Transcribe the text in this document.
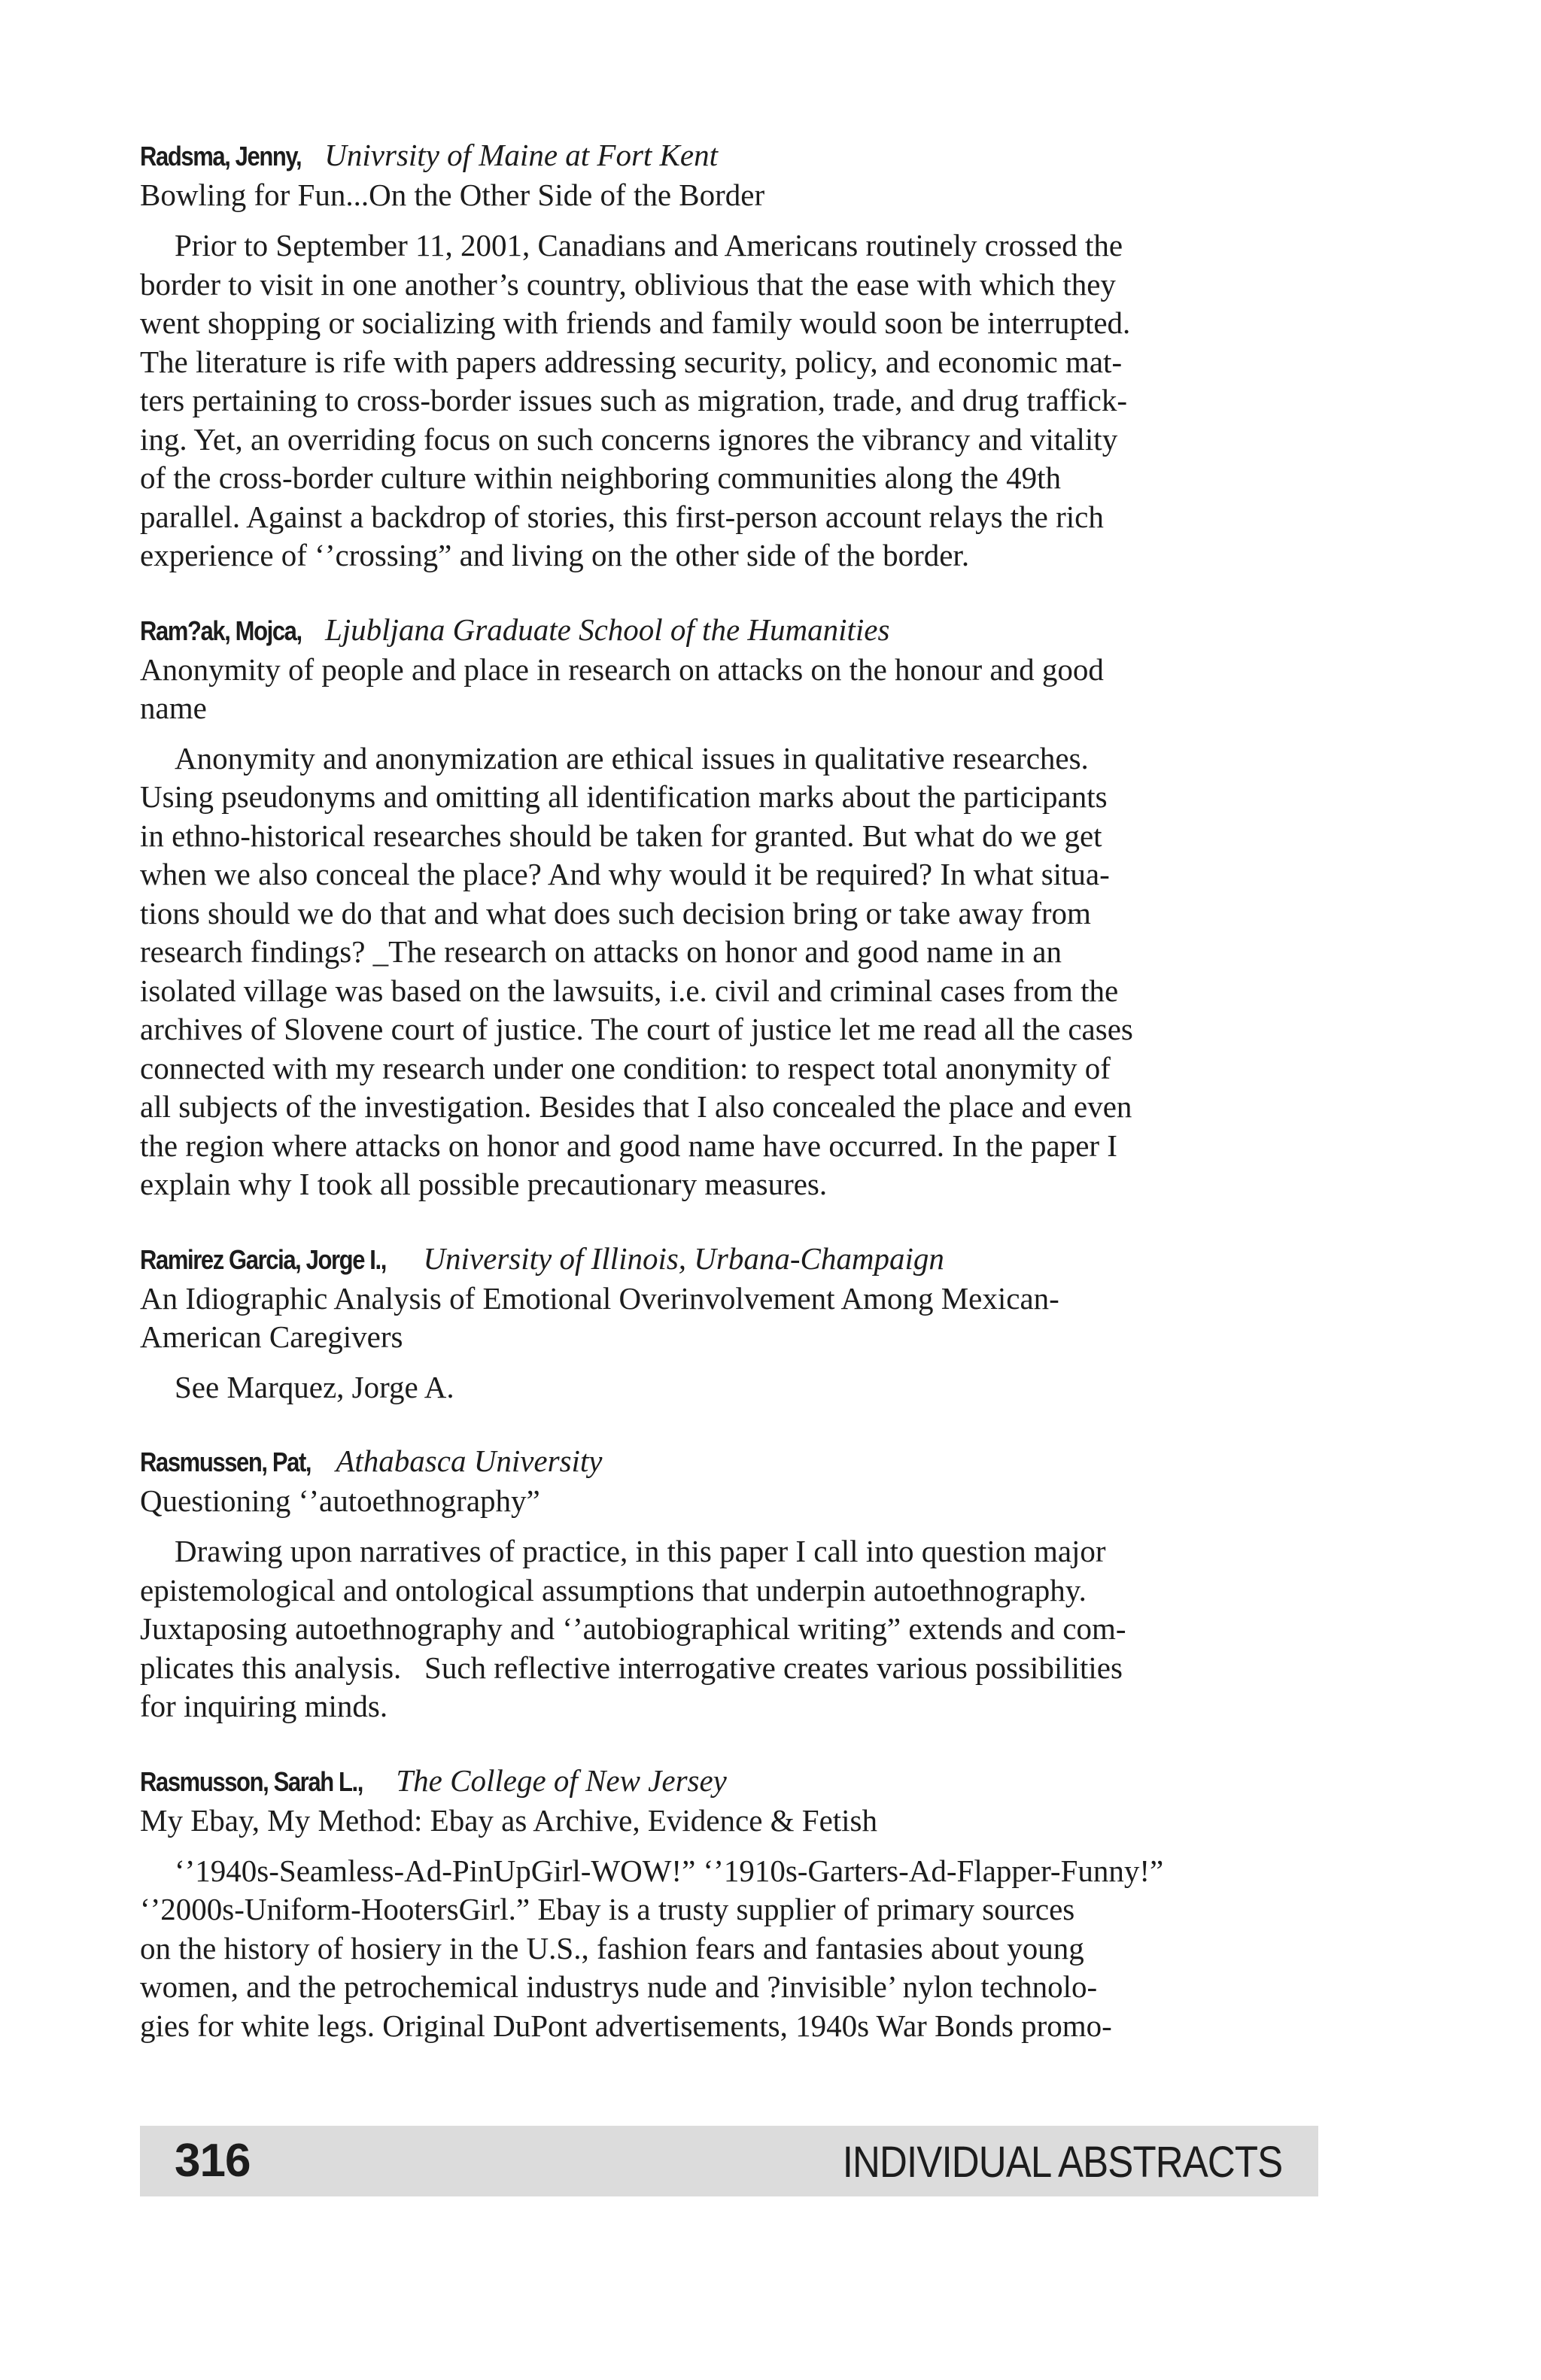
Radsma, Jenny, Univrsity of Maine at Fort Kent
Bowling for Fun...On the Other Side of the Border

Prior to September 11, 2001, Canadians and Americans routinely crossed the
border to visit in one another’s country, oblivious that the ease with which they
went shopping or socializing with friends and family would soon be interrupted.
The literature is rife with papers addressing security, policy, and economic mat-
ters pertaining to cross-border issues such as migration, trade, and drug traffick-
ing. Yet, an overriding focus on such concerns ignores the vibrancy and vitality
of the cross-border culture within neighboring communities along the 49th
parallel. Against a backdrop of stories, this first-person account relays the rich
experience of ‘’crossing” and living on the other side of the border.

Ram?ak, Mojca, Ljubljana Graduate School of the Humanities
Anonymity of people and place in research on attacks on the honour and good
name

Anonymity and anonymization are ethical issues in qualitative researches.
Using pseudonyms and omitting all identification marks about the participants
in ethno-historical researches should be taken for granted. But what do we get
when we also conceal the place? And why would it be required? In what situa-
tions should we do that and what does such decision bring or take away from
research findings? _The research on attacks on honor and good name in an
isolated village was based on the lawsuits, i.e. civil and criminal cases from the
archives of Slovene court of justice. The court of justice let me read all the cases
connected with my research under one condition: to respect total anonymity of
all subjects of the investigation. Besides that I also concealed the place and even
the region where attacks on honor and good name have occurred. In the paper I
explain why I took all possible precautionary measures.

Ramirez Garcia, Jorge I., University of Illinois, Urbana-Champaign
An Idiographic Analysis of Emotional Overinvolvement Among Mexican-
American Caregivers

See Marquez, Jorge A.

Rasmussen, Pat, Athabasca University
Questioning ‘’autoethnography”

Drawing upon narratives of practice, in this paper I call into question major
epistemological and ontological assumptions that underpin autoethnography.
Juxtaposing autoethnography and ‘’autobiographical writing” extends and com-
plicates this analysis.   Such reflective interrogative creates various possibilities
for inquiring minds.

Rasmusson, Sarah L., The College of New Jersey
My Ebay, My Method: Ebay as Archive, Evidence & Fetish

‘’1940s-Seamless-Ad-PinUpGirl-WOW!” ‘’1910s-Garters-Ad-Flapper-Funny!”
‘’2000s-Uniform-HootersGirl.” Ebay is a trusty supplier of primary sources
on the history of hosiery in the U.S., fashion fears and fantasies about young
women, and the petrochemical industrys nude and ?invisible’ nylon technolo-
gies for white legs. Original DuPont advertisements, 1940s War Bonds promo-

316	INDIVIDUAL ABSTRACTS
